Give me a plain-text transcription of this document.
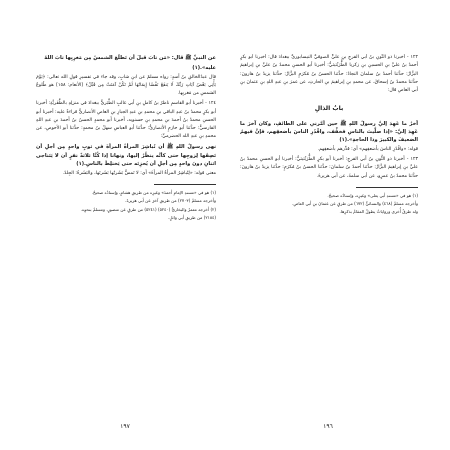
عن النبيِّ ﷺ قال: «مَن تابَ قبلَ أن تَطلُعَ الشمسُ مِن مَغرِبِها تابَ اللهُ

عليه».(١)

قال عبدُالخالقِ بنُ أسدٍ: رواه مسلمٌ عن ابنِ شابٍ، وقد جاء في تفسيرِ قولِ الله تعالى: ﴿يَوْمَ يَأْتِي بَعْضُ آيَاتِ رَبِّكَ لَا يَنفَعُ نَفْسًا إِيمَانُهَا لَمْ تَكُنْ آمَنَتْ مِن قَبْلُ﴾ [الأنعام: ١٥٨] هو طُلوعُ الشمسِ من مَغربِها.

١٢٤ - أخبرنا أبو القاسمِ ناظرُ بنُ كاملِ بنِ أبي غالبٍ الطَّبَريُّ ببغدادَ في منزلِهِ بالظَّفَريَّةِ: أخبرنا أبو بكرٍ محمدُ بنُ عبدِ الباقي بنِ محمدِ بنِ عبدِ الجبارِ بنِ العاصِ الأنصاريُّ قراءةً عليه: أخبرنا أبو الحسنِ محمدُ بنُ أحمدَ بنِ محمدِ بنِ حسنويه، أخبرنا أبو محمدٍ الحسنُ بنُ أحمدَ بنِ عبدِ اللهِ الفارسيُّ: حدَّثنا أبو حازمٍ الأنصاريُّ: حدَّثنا أبو العباسِ سهلُ بنُ محمدٍ: حدَّثنا أبو الأحوصِ، عن محمدِ بنِ عبدِ الله الحضرميِّ:

نهى رسولُ اللهِ ﷺ أن تُباشِرَ المرأةُ المرأةَ في ثوبٍ واحدٍ مِن أجلِ أن تَصِفَها لِزوجِها حتى كأنَّه ينظُرُ إليها، ونهانا إذا كُنَّا ثلاثةً نفرٍ أن لا يَتَناجى اثنانِ دونَ واحدٍ مِن أجلِ أن يُحزِنَه حتى يَختلِطَ بالناسِ.(١)

معنى قوله: «لِتُباشِرُ المرأةُ المرأةَ» أي: لا تَمسُّ بَشَرتُها بَشَرتَها، والبَشَرةُ: الجِلدُ.

(١) هو في «مسندِ الإمامِ أحمدَ» وغيرِه من طريقِ هشامٍ، وإسنادُه صحيحٌ.

وأخرجه مسلمٌ (٢٧٠٣) من طريقِ آخرَ عن أبي هريرةَ.

(٢) أخرجه معمرٌ والبخاريُّ (٥٢٤٠) (٥٢٤١) من طرقٍ عن منصورٍ، ومسلمٌ بنحوِه.

(٢١٨٤) من طريقِ أبي وائلٍ.

١٩٧

١٢٢ - أخبرنا ذو النُّونِ بنُ أبي الفرجِ بنِ عليٍّ الصوفيُّ النيسابوريُّ ببغدادَ قال: أخبرنا أبو بكرٍ أحمدُ بنُ عليِّ بنِ الحسينِ بنِ زكريا الطُّرَيْثيثيُّ: أخبرنا أبو الحسنِ محمدُ بنُ عليِّ بنِ إبراهيمَ البزَّازُ: حدَّثنا أحمدُ بنُ سلمانَ النجادُ: حدَّثنا الحسنُ بنُ مُكرَمٍ البزَّازُ: حدَّثنا يزيدُ بنُ هارونَ: حدَّثنا محمدُ بنُ إسحاقَ، عن محمدِ بنِ إبراهيمَ بنِ الحارثِ، عن عمرَ بنِ عبدِ اللهِ بنِ عثمانَ بنِ أبي العاصِ قال:

بابُ الذالِ

آخرُ ما عَهِدَ إليَّ رسولُ اللهِ ﷺ حين أمَّرني على الطائفِ، وكان آخرَ ما عَهِدَ إليَّ: «إذا صلَّيتَ بالناسِ فخفِّف، واقْدُرِ الناسَ بأضعفِهم، فإنَّ فيهمُ الضعيفَ والكبيرَ وذا الحاجةِ».(١)

قوله: «واقْدُرِ الناسَ بأضعفِهم» أي: قدِّرهم بأضعفِهم.

١٢٣ - أخبرنا ذو النُّونِ بنُ أبي الفرجِ: أخبرنا أبو بكرٍ الطُّرَيْثيثيُّ: أخبرنا أبو الحسنِ محمدُ بنُ عليِّ بنِ إبراهيمَ البزَّازُ: حدَّثنا أحمدُ بنُ سلمانَ: حدَّثنا الحسنُ بنُ مُكرَمٍ: حدَّثنا يزيدُ بنُ هارونَ: حدَّثنا محمدُ بنُ عمرٍو، عن أبي سلمةَ، عن أبي هريرةَ.

(١) هو في «مسندِ أبي يعلى» وغيرِه، وإسنادُه صحيحٌ.

وأخرجه مسلمٌ (٤٦٨) والنسائيُّ (٦٧٢) من طرقٍ عن عثمانَ بنِ أبي العاصِ.

وله طرقٌ أُخرى ورواياتٌ يطولُ المقامُ بذكرِها.

١٩٦
